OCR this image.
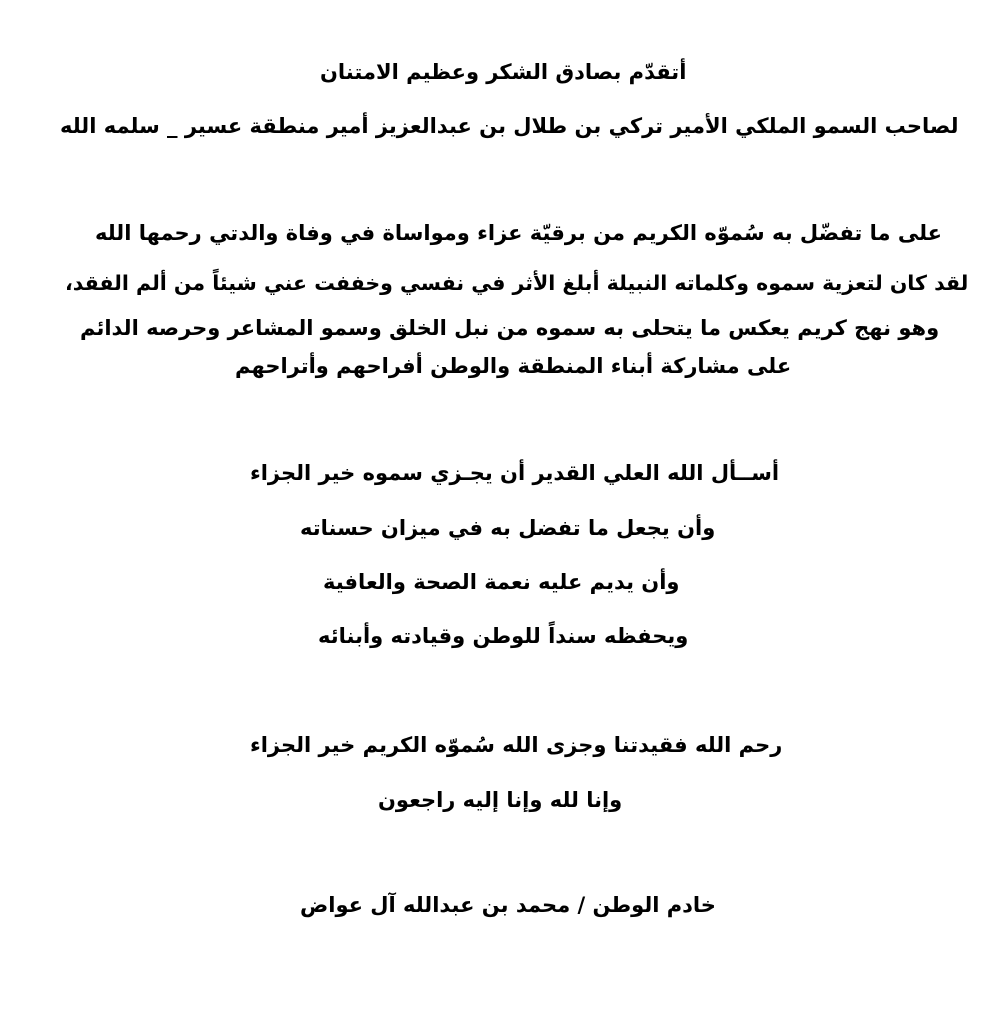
أتقدّم بصادق الشكر وعظيم الامتنان
لصاحب السمو الملكي الأمير تركي بن طلال بن عبدالعزيز أمير منطقة عسير _ سلمه الله
على ما تفضّل به سُموّه الكريم من برقيّة عزاء ومواساة في وفاة والدتي رحمها الله
لقد كان لتعزية سموه وكلماته النبيلة أبلغ الأثر في نفسي وخففت عني شيئاً من ألم الفقد،
وهو نهج كريم يعكس ما يتحلى به سموه من نبل الخلق وسمو المشاعر وحرصه الدائم
على مشاركة أبناء المنطقة والوطن أفراحهم وأتراحهم
أســأل الله العلي القدير أن يجـزي سموه خير الجزاء
وأن يجعل ما تفضل به في ميزان حسناته
وأن يديم عليه نعمة الصحة والعافية
ويحفظه سنداً للوطن وقيادته وأبنائه
رحم الله فقيدتنا وجزى الله سُموّه الكريم خير الجزاء
وإنا لله وإنا إليه راجعون
خادم الوطن / محمد بن عبدالله آل عواض
